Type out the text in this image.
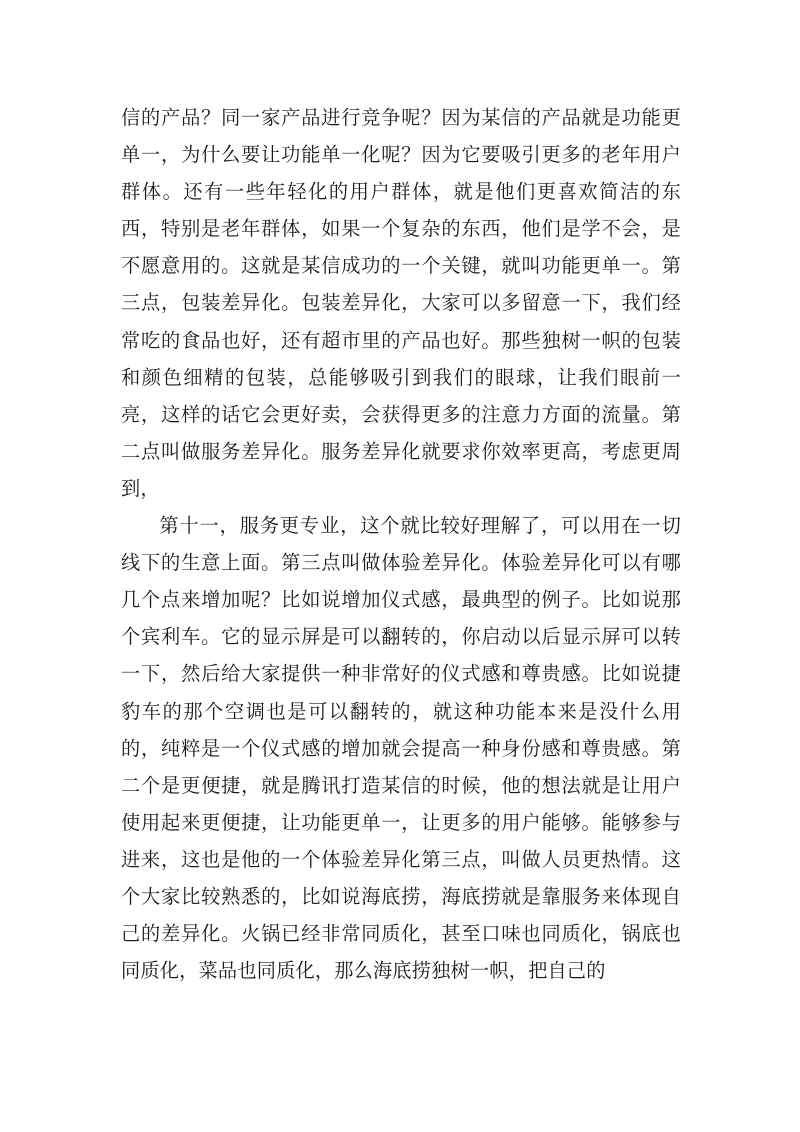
信的产品？同一家产品进行竞争呢？因为某信的产品就是功能更单一，为什么要让功能单一化呢？因为它要吸引更多的老年用户群体。还有一些年轻化的用户群体，就是他们更喜欢简洁的东西，特别是老年群体，如果一个复杂的东西，他们是学不会，是不愿意用的。这就是某信成功的一个关键，就叫功能更单一。第三点，包装差异化。包装差异化，大家可以多留意一下，我们经常吃的食品也好，还有超市里的产品也好。那些独树一帜的包装和颜色细精的包装，总能够吸引到我们的眼球，让我们眼前一亮，这样的话它会更好卖，会获得更多的注意力方面的流量。第二点叫做服务差异化。服务差异化就要求你效率更高，考虑更周到，

第十一，服务更专业，这个就比较好理解了，可以用在一切线下的生意上面。第三点叫做体验差异化。体验差异化可以有哪几个点来增加呢？比如说增加仪式感，最典型的例子。比如说那个宾利车。它的显示屏是可以翻转的，你启动以后显示屏可以转一下，然后给大家提供一种非常好的仪式感和尊贵感。比如说捷豹车的那个空调也是可以翻转的，就这种功能本来是没什么用的，纯粹是一个仪式感的增加就会提高一种身份感和尊贵感。第二个是更便捷，就是腾讯打造某信的时候，他的想法就是让用户使用起来更便捷，让功能更单一，让更多的用户能够。能够参与进来，这也是他的一个体验差异化第三点，叫做人员更热情。这个大家比较熟悉的，比如说海底捞，海底捞就是靠服务来体现自己的差异化。火锅已经非常同质化，甚至口味也同质化，锅底也同质化，菜品也同质化，那么海底捞独树一帜，把自己的
